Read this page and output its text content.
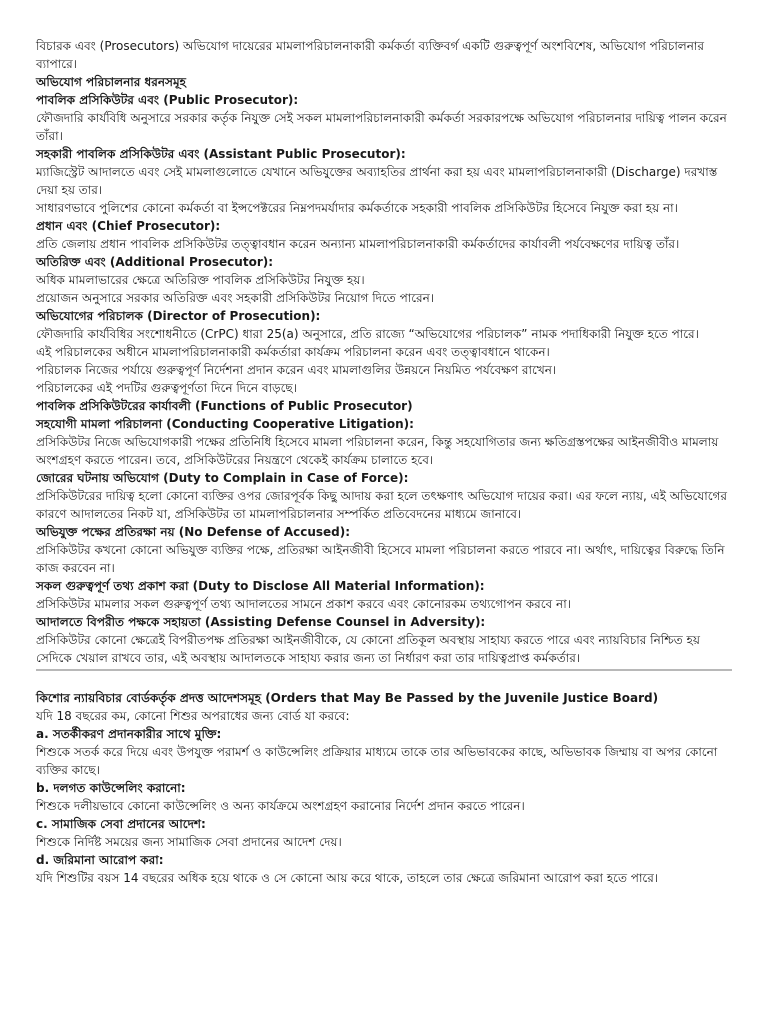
বিচারক এবং (Prosecutors) অভিযোগ দায়েরের মামলাপরিচালনাকারী কর্মকর্তা ব্যক্তিবর্গ একটি গুরুত্বপূর্ণ অংশবিশেষ, অভিযোগ পরিচালনার ব্যাপারে।
অভিযোগ পরিচালনার ধরনসমূহ
পাবলিক প্রসিকিউটর এবং (Public Prosecutor):
ফৌজদারি কার্যবিধি অনুসারে সরকার কর্তৃক নিযুক্ত সেই সকল মামলাপরিচালনাকারী কর্মকর্তা সরকারপক্ষে অভিযোগ পরিচালনার দায়িত্ব পালন করেন তাঁরা।
সহকারী পাবলিক প্রসিকিউটর এবং (Assistant Public Prosecutor):
ম্যাজিস্ট্রেট আদালতে এবং সেই মামলাগুলোতে যেখানে অভিযুক্তের অব্যাহতির প্রার্থনা করা হয় এবং মামলাপরিচালনাকারী (Discharge) দরখাস্ত দেয়া হয় তার।
সাধারণভাবে পুলিশের কোনো কর্মকর্তা বা ইন্সপেক্টরের নিম্নপদমর্যাদার কর্মকর্তাকে সহকারী পাবলিক প্রসিকিউটর হিসেবে নিযুক্ত করা হয় না।
প্রধান এবং (Chief Prosecutor):
প্রতি জেলায় প্রধান পাবলিক প্রসিকিউটর তত্ত্বাবধান করেন অন্যান্য মামলাপরিচালনাকারী কর্মকর্তাদের কার্যাবলী পর্যবেক্ষণের দায়িত্ব তাঁর।
অতিরিক্ত এবং (Additional Prosecutor):
অধিক মামলাভারের ক্ষেত্রে অতিরিক্ত পাবলিক প্রসিকিউটর নিযুক্ত হয়।
প্রয়োজন অনুসারে সরকার অতিরিক্ত এবং সহকারী প্রসিকিউটর নিয়োগ দিতে পারেন।
অভিযোগের পরিচালক (Director of Prosecution):
ফৌজদারি কার্যবিধির সংশোধনীতে (CrPC) ধারা 25(a) অনুসারে, প্রতি রাজ্যে “অভিযোগের পরিচালক” নামক পদাধিকারী নিযুক্ত হতে পারে।
এই পরিচালকের অধীনে মামলাপরিচালনাকারী কর্মকর্তারা কার্যক্রম পরিচালনা করেন এবং তত্ত্বাবধানে থাকেন।
পরিচালক নিজের পর্যায়ে গুরুত্বপূর্ণ নির্দেশনা প্রদান করেন এবং মামলাগুলির উন্নয়নে নিয়মিত পর্যবেক্ষণ রাখেন।
পরিচালকের এই পদটির গুরুত্বপূর্ণতা দিনে দিনে বাড়ছে।
পাবলিক প্রসিকিউটরের কার্যাবলী (Functions of Public Prosecutor)
সহযোগী মামলা পরিচালনা (Conducting Cooperative Litigation):
প্রসিকিউটর নিজে অভিযোগকারী পক্ষের প্রতিনিধি হিসেবে মামলা পরিচালনা করেন, কিন্তু সহযোগিতার জন্য ক্ষতিগ্রস্তপক্ষের আইনজীবীও মামলায় অংশগ্রহণ করতে পারেন। তবে, প্রসিকিউটরের নিয়ন্ত্রণে থেকেই কার্যক্রম চালাতে হবে।
জোরের ঘটনায় অভিযোগ (Duty to Complain in Case of Force):
প্রসিকিউটরের দায়িত্ব হলো কোনো ব্যক্তির ওপর জোরপূর্বক কিছু আদায় করা হলে তৎক্ষণাৎ অভিযোগ দায়ের করা। এর ফলে ন্যায়, এই অভিযোগের কারণে আদালতের নিকট যা, প্রসিকিউটর তা মামলাপরিচালনার সম্পর্কিত প্রতিবেদনের মাধ্যমে জানাবে।
অভিযুক্ত পক্ষের প্রতিরক্ষা নয় (No Defense of Accused):
প্রসিকিউটর কখনো কোনো অভিযুক্ত ব্যক্তির পক্ষে, প্রতিরক্ষা আইনজীবী হিসেবে মামলা পরিচালনা করতে পারবে না। অর্থাৎ, দায়িত্বের বিরুদ্ধে তিনি কাজ করবেন না।
সকল গুরুত্বপূর্ণ তথ্য প্রকাশ করা (Duty to Disclose All Material Information):
প্রসিকিউটর মামলার সকল গুরুত্বপূর্ণ তথ্য আদালতের সামনে প্রকাশ করবে এবং কোনোরকম তথ্যগোপন করবে না।
আদালতে বিপরীত পক্ষকে সহায়তা (Assisting Defense Counsel in Adversity):
প্রসিকিউটর কোনো ক্ষেত্রেই বিপরীতপক্ষ প্রতিরক্ষা আইনজীবীকে, যে কোনো প্রতিকূল অবস্থায় সাহায্য করতে পারে এবং ন্যায়বিচার নিশ্চিত হয় সেদিকে খেয়াল রাখবে তার, এই অবস্থায় আদালতকে সাহায্য করার জন্য তা নির্ধারণ করা তার দায়িত্বপ্রাপ্ত কর্মকর্তার।
কিশোর ন্যায়বিচার বোর্ডকর্তৃক প্রদত্ত আদেশসমূহ (Orders that May Be Passed by the Juvenile Justice Board)
যদি 18 বছরের কম, কোনো শিশুর অপরাধের জন্য বোর্ড যা করবে:
a. সতর্কীকরণ প্রদানকারীর সাথে মুক্তি:
শিশুকে সতর্ক করে দিয়ে এবং উপযুক্ত পরামর্শ ও কাউন্সেলিং প্রক্রিয়ার মাধ্যমে তাকে তার অভিভাবকের কাছে, অভিভাবক জিম্মায় বা অপর কোনো ব্যক্তির কাছে।
b. দলগত কাউন্সেলিং করানো:
শিশুকে দলীয়ভাবে কোনো কাউন্সেলিং ও অন্য কার্যক্রমে অংশগ্রহণ করানোর নির্দেশ প্রদান করতে পারেন।
c. সামাজিক সেবা প্রদানের আদেশ:
শিশুকে নির্দিষ্ট সময়ের জন্য সামাজিক সেবা প্রদানের আদেশ দেয়।
d. জরিমানা আরোপ করা:
যদি শিশুটির বয়স 14 বছরের অধিক হয়ে থাকে ও সে কোনো আয় করে থাকে, তাহলে তার ক্ষেত্রে জরিমানা আরোপ করা হতে পারে।
